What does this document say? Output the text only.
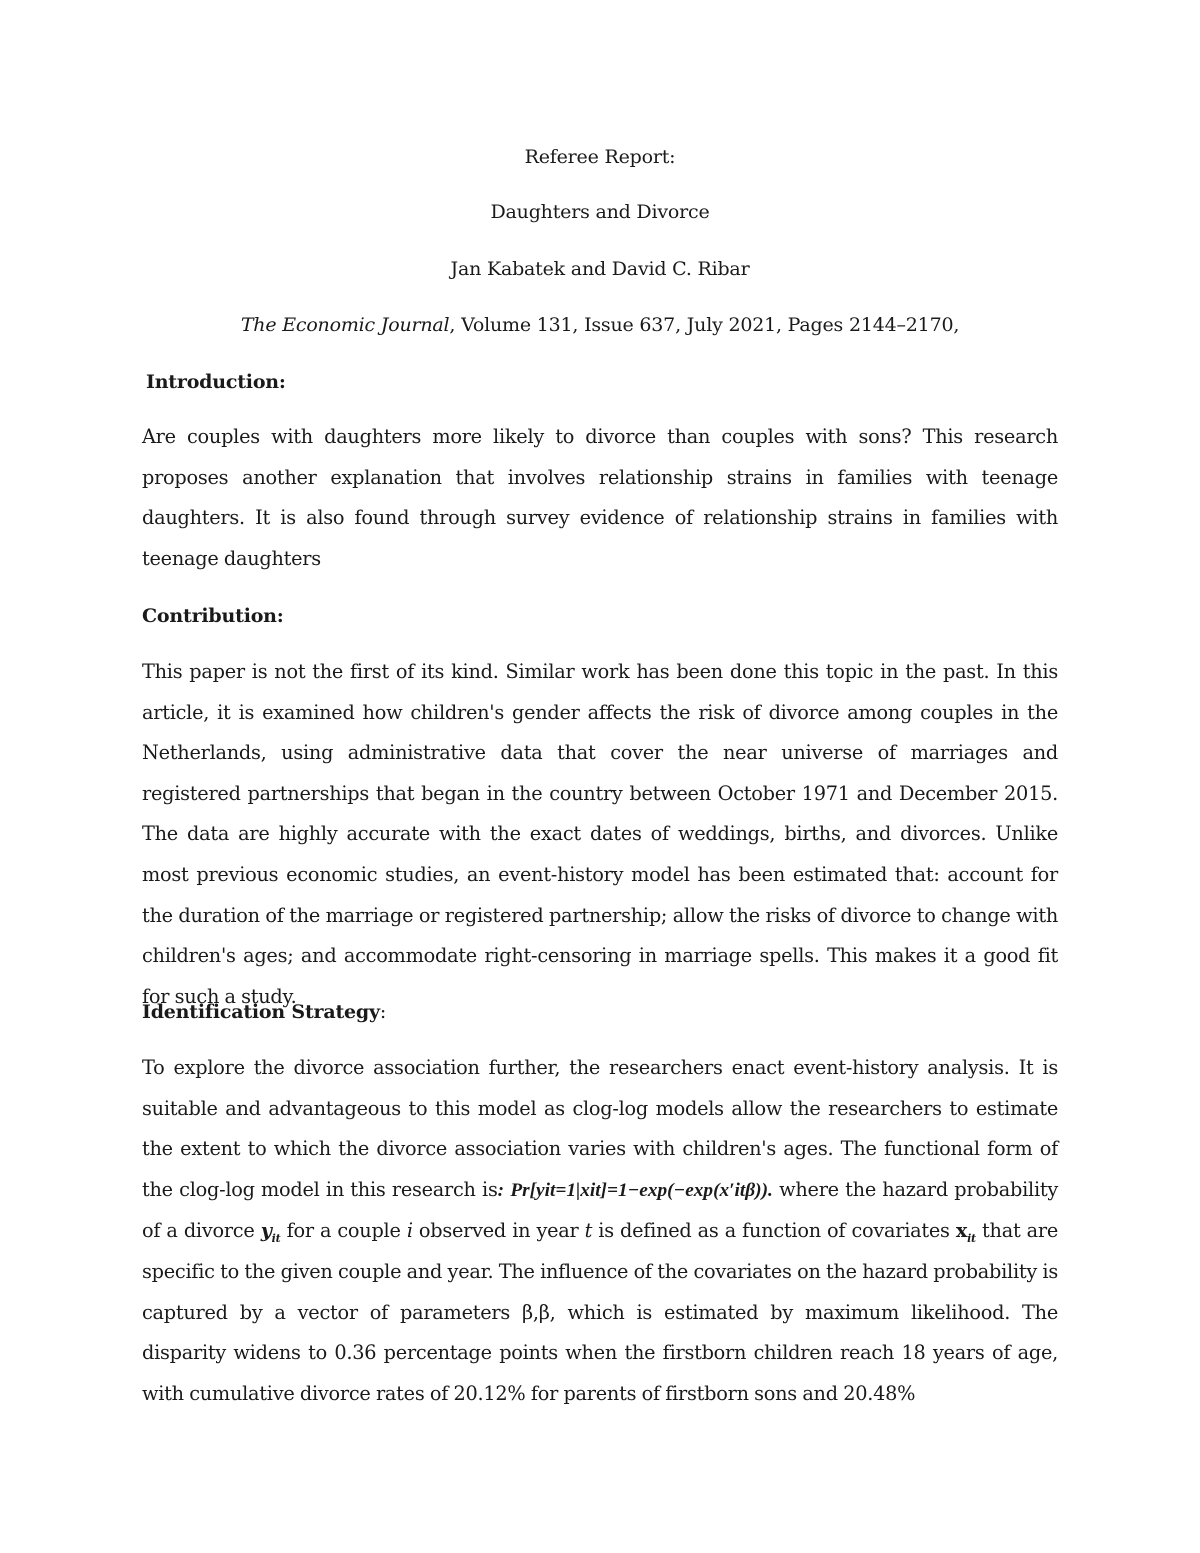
Referee Report:
Daughters and Divorce
Jan Kabatek and David C. Ribar
The Economic Journal, Volume 131, Issue 637, July 2021, Pages 2144–2170,
Introduction:
Are couples with daughters more likely to divorce than couples with sons? This research proposes another explanation that involves relationship strains in families with teenage daughters. It is also found through survey evidence of relationship strains in families with teenage daughters
Contribution:
This paper is not the first of its kind. Similar work has been done this topic in the past. In this article, it is examined how children's gender affects the risk of divorce among couples in the Netherlands, using administrative data that cover the near universe of marriages and registered partnerships that began in the country between October 1971 and December 2015. The data are highly accurate with the exact dates of weddings, births, and divorces. Unlike most previous economic studies, an event-history model has been estimated that: account for the duration of the marriage or registered partnership; allow the risks of divorce to change with children's ages; and accommodate right-censoring in marriage spells. This makes it a good fit for such a study.
Identification Strategy:
To explore the divorce association further, the researchers enact event-history analysis. It is suitable and advantageous to this model as clog-log models allow the researchers to estimate the extent to which the divorce association varies with children's ages. The functional form of the clog-log model in this research is: Pr[yit=1|xit]=1−exp(−exp(x′itβ)). where the hazard probability of a divorce $y_{it}$ for a couple i observed in year t is defined as a function of covariates $x_{it}$ that are specific to the given couple and year. The influence of the covariates on the hazard probability is captured by a vector of parameters β,β, which is estimated by maximum likelihood. The disparity widens to 0.36 percentage points when the firstborn children reach 18 years of age, with cumulative divorce rates of 20.12% for parents of firstborn sons and 20.48%
